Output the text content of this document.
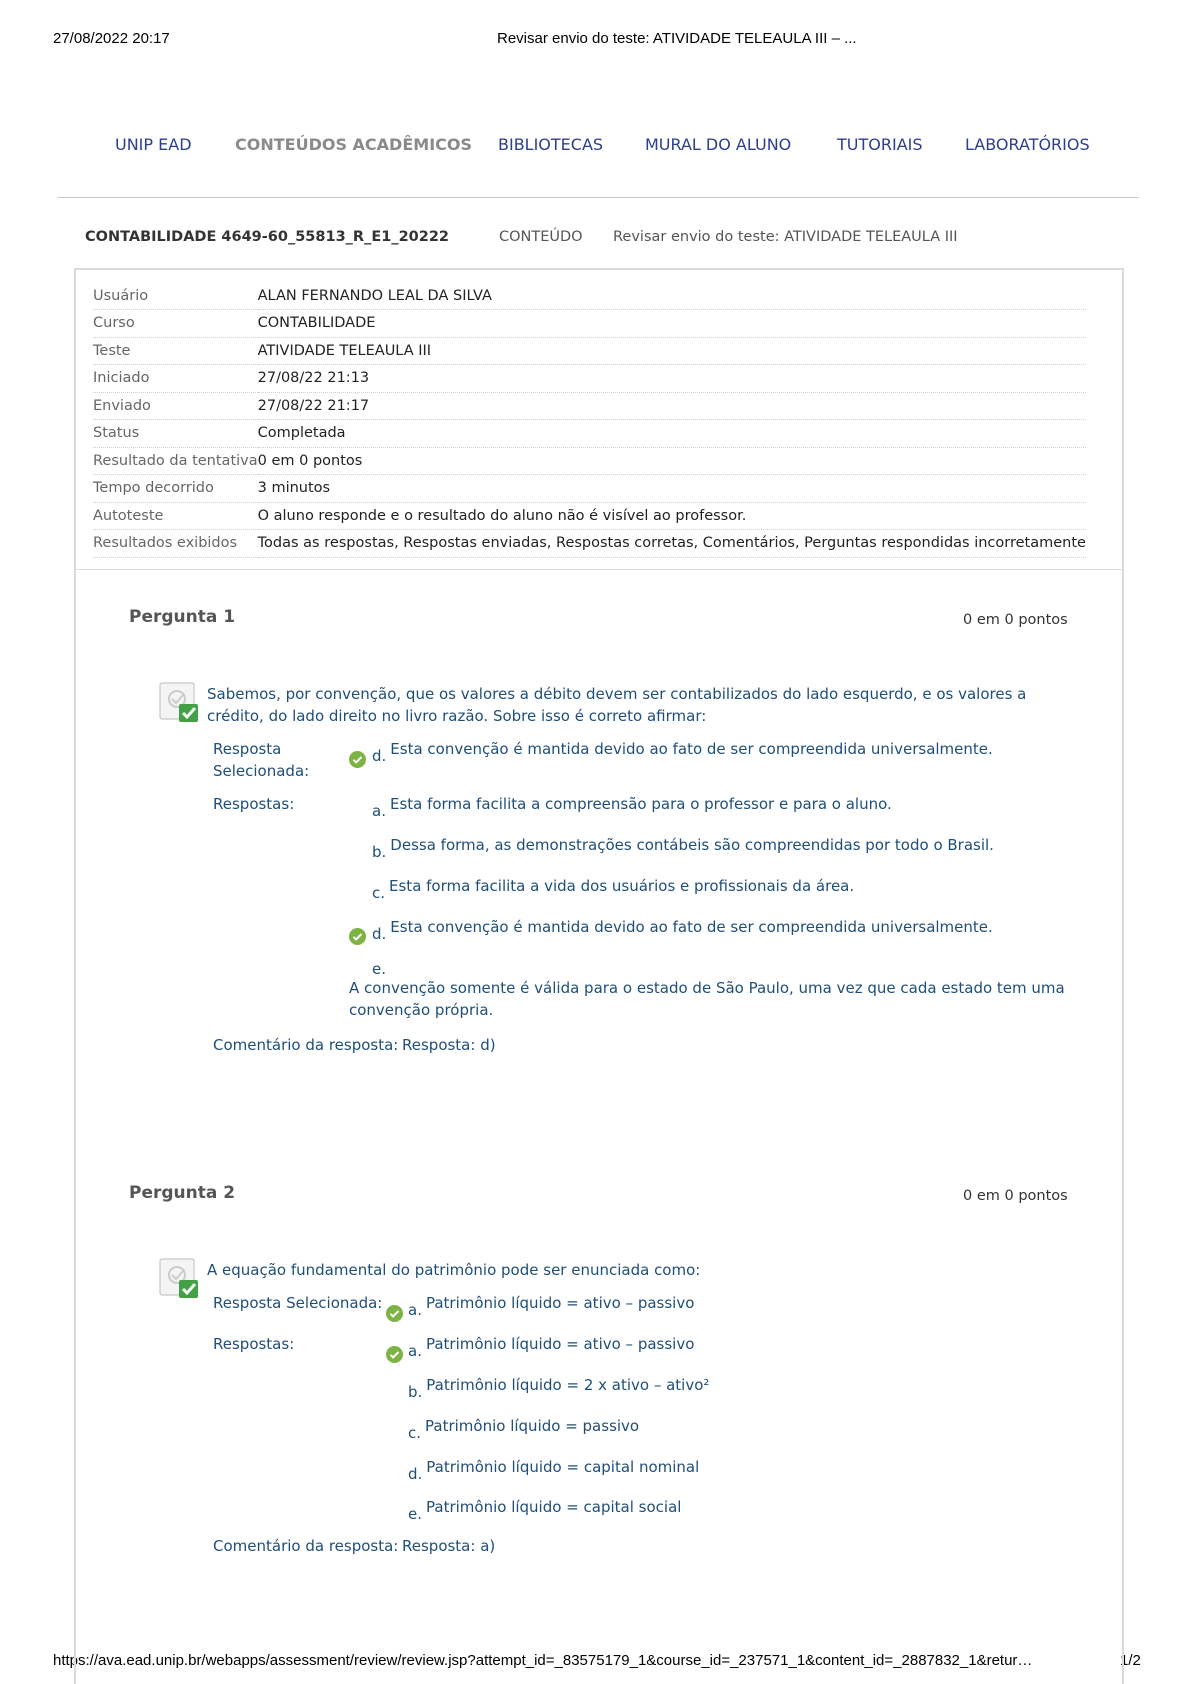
27/08/2022 20:17	Revisar envio do teste: ATIVIDADE TELEAULA III – ...
https://ava.ead.unip.br/webapps/assessment/review/review.jsp?attempt_id=_83575179_1&course_id=_237571_1&content_id=_2887832_1&retur…	1/2
UNIP EAD	CONTEÚDOS ACADÊMICOS BIBLIOTECAS	MURAL DO ALUNO	TUTORIAIS	LABORATÓRIOS
CONTABILIDADE 4649-60_55813_R_E1_20222	CONTEÚDO Revisar envio do teste: ATIVIDADE TELEAULA III
Usuário	ALAN FERNANDO LEAL DA SILVA
Curso	CONTABILIDADE
Teste	ATIVIDADE TELEAULA III
Iniciado	27/08/22 21:13
Enviado	27/08/22 21:17
Status	Completada
Resultado da tentativa	0 em 0 pontos
Tempo decorrido	3 minutos
Autoteste	O aluno responde e o resultado do aluno não é visível ao professor.
Resultados exibidos	Todas as respostas, Respostas enviadas, Respostas corretas, Comentários, Perguntas respondidas incorretamente
Pergunta 1	0 em 0 pontos
Sabemos, por convenção, que os valores a débito devem ser contabilizados do lado esquerdo, e os valores a crédito, do lado direito no livro razão. Sobre isso é correto afirmar:
Resposta
Selecionada:
d. Esta convenção é mantida devido ao fato de ser compreendida universalmente.
Respostas:	a. Esta forma facilita a compreensão para o professor e para o aluno.
b. Dessa forma, as demonstrações contábeis são compreendidas por todo o Brasil.
c. Esta forma facilita a vida dos usuários e profissionais da área.
d. Esta convenção é mantida devido ao fato de ser compreendida universalmente.
e.
A convenção somente é válida para o estado de São Paulo, uma vez que cada estado tem uma convenção própria.
Comentário da resposta: Resposta: d)
Pergunta 2	0 em 0 pontos
A equação fundamental do patrimônio pode ser enunciada como:
Resposta Selecionada: a. Patrimônio líquido = ativo – passivo
Respostas:	a. Patrimônio líquido = ativo – passivo
b. Patrimônio líquido = 2 x ativo – ativo²
c. Patrimônio líquido = passivo
d. Patrimônio líquido = capital nominal
e. Patrimônio líquido = capital social
Comentário da resposta: Resposta: a)
